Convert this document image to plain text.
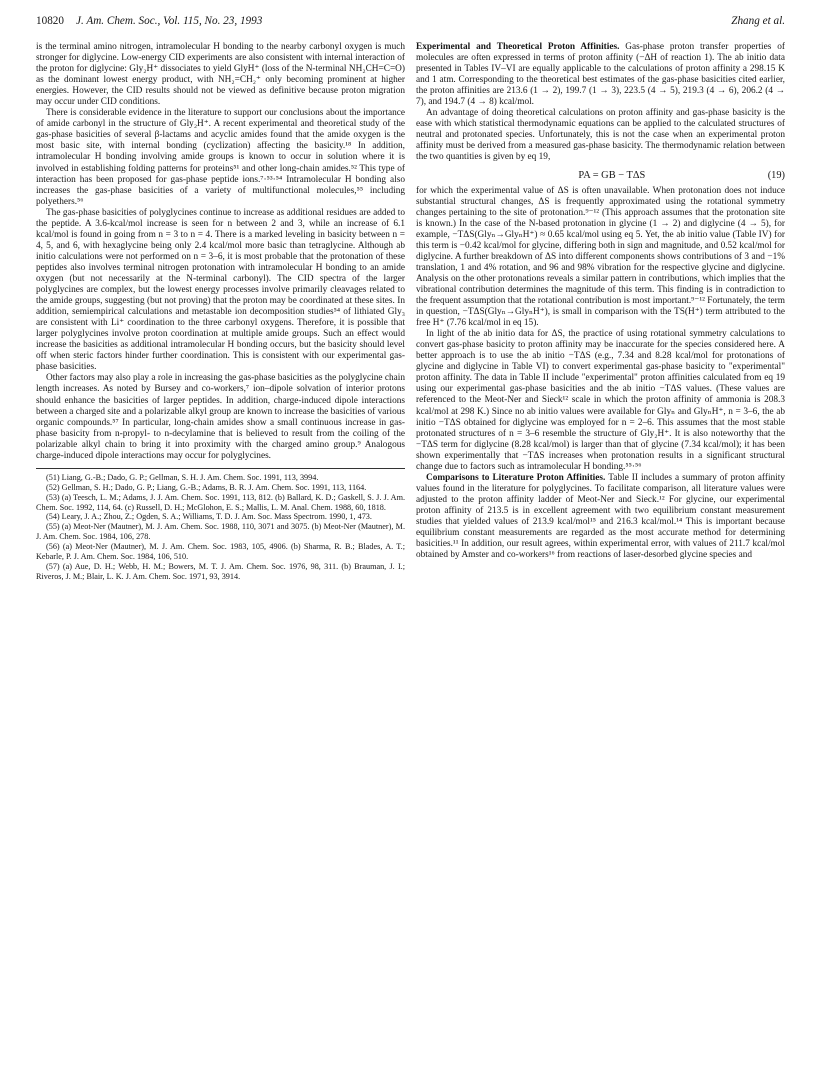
10820 J. Am. Chem. Soc., Vol. 115, No. 23, 1993	Zhang et al.

is the terminal amino nitrogen, intramolecular H bonding to the nearby carbonyl oxygen is much stronger for diglycine. Low-energy CID experiments are also consistent with internal interaction of the proton for diglycine: Gly₂H⁺ dissociates to yield GlyH⁺ (loss of the N-terminal NH₂CH=C=O) as the dominant lowest energy product, with NH₂=CH₂⁺ only becoming prominent at higher energies. However, the CID results should not be viewed as definitive because proton migration may occur under CID conditions.

There is considerable evidence in the literature to support our conclusions about the importance of amide carbonyl in the structure of Gly₂H⁺. A recent experimental and theoretical study of the gas-phase basicities of several β-lactams and acyclic amides found that the amide oxygen is the most basic site, with internal bonding (cyclization) affecting the basicity.¹⁸ In addition, intramolecular H bonding involving amide groups is known to occur in solution where it is involved in establishing folding patterns for proteins⁵¹ and other long-chain amides.⁵² This type of interaction has been proposed for gas-phase peptide ions.⁷·⁵³·⁵⁴ Intramolecular H bonding also increases the gas-phase basicities of a variety of multifunctional molecules,⁵⁵ including polyethers.⁵⁶

The gas-phase basicities of polyglycines continue to increase as additional residues are added to the peptide. A 3.6-kcal/mol increase is seen for n between 2 and 3, while an increase of 6.1 kcal/mol is found in going from n = 3 to n = 4. There is a marked leveling in basicity between n = 4, 5, and 6, with hexaglycine being only 2.4 kcal/mol more basic than tetraglycine. Although ab initio calculations were not performed on n = 3–6, it is most probable that the protonation of these peptides also involves terminal nitrogen protonation with intramolecular H bonding to an amide oxygen (but not necessarily at the N-terminal carbonyl). The CID spectra of the larger polyglycines are complex, but the lowest energy processes involve primarily cleavages related to the amide groups, suggesting (but not proving) that the proton may be coordinated at these sites. In addition, semiempirical calculations and metastable ion decomposition studies⁵⁴ of lithiated Gly₃ are consistent with Li⁺ coordination to the three carbonyl oxygens. Therefore, it is possible that larger polyglycines involve proton coordination at multiple amide groups. Such an effect would increase the basicities as additional intramolecular H bonding occurs, but the basicity should level off when steric factors hinder further coordination. This is consistent with our experimental gas-phase basicities.

Other factors may also play a role in increasing the gas-phase basicities as the polyglycine chain length increases. As noted by Bursey and co-workers,⁷ ion–dipole solvation of interior protons should enhance the basicities of larger peptides. In addition, charge-induced dipole interactions between a charged site and a polarizable alkyl group are known to increase the basicities of various organic compounds.⁵⁷ In particular, long-chain amides show a small continuous increase in gas-phase basicity from n-propyl- to n-decylamine that is believed to result from the coiling of the polarizable alkyl chain to bring it into proximity with the charged amino group.⁹ Analogous charge-induced dipole interactions may occur for polyglycines.

(51) Liang, G.-B.; Dado, G. P.; Gellman, S. H. J. Am. Chem. Soc. 1991, 113, 3994.

(52) Gellman, S. H.; Dado, G. P.; Liang, G.-B.; Adams, B. R. J. Am. Chem. Soc. 1991, 113, 1164.

(53) (a) Teesch, L. M.; Adams, J. J. Am. Chem. Soc. 1991, 113, 812. (b) Ballard, K. D.; Gaskell, S. J. J. Am. Chem. Soc. 1992, 114, 64. (c) Russell, D. H.; McGlohon, E. S.; Mallis, L. M. Anal. Chem. 1988, 60, 1818.

(54) Leary, J. A.; Zhou, Z.; Ogden, S. A.; Williams, T. D. J. Am. Soc. Mass Spectrom. 1990, 1, 473.

(55) (a) Meot-Ner (Mautner), M. J. Am. Chem. Soc. 1988, 110, 3071 and 3075. (b) Meot-Ner (Mautner), M. J. Am. Chem. Soc. 1984, 106, 278.

(56) (a) Meot-Ner (Mautner), M. J. Am. Chem. Soc. 1983, 105, 4906. (b) Sharma, R. B.; Blades, A. T.; Kebarle, P. J. Am. Chem. Soc. 1984, 106, 510.

(57) (a) Aue, D. H.; Webb, H. M.; Bowers, M. T. J. Am. Chem. Soc. 1976, 98, 311. (b) Brauman, J. I.; Riveros, J. M.; Blair, L. K. J. Am. Chem. Soc. 1971, 93, 3914.

Experimental and Theoretical Proton Affinities. Gas-phase proton transfer properties of molecules are often expressed in terms of proton affinity (−ΔH of reaction 1). The ab initio data presented in Tables IV–VI are equally applicable to the calculations of proton affinity a 298.15 K and 1 atm. Corresponding to the theoretical best estimates of the gas-phase basicities cited earlier, the proton affinities are 213.6 (1 → 2), 199.7 (1 → 3), 223.5 (4 → 5), 219.3 (4 → 6), 206.2 (4 → 7), and 194.7 (4 → 8) kcal/mol.

An advantage of doing theoretical calculations on proton affinity and gas-phase basicity is the ease with which statistical thermodynamic equations can be applied to the calculated structures of neutral and protonated species. Unfortunately, this is not the case when an experimental proton affinity must be derived from a measured gas-phase basicity. The thermodynamic relation between the two quantities is given by eq 19,

PA = GB − TΔS	(19)

for which the experimental value of ΔS is often unavailable. When protonation does not induce substantial structural changes, ΔS is frequently approximated using the rotational symmetry changes pertaining to the site of protonation.⁹⁻¹² (This approach assumes that the protonation site is known.) In the case of the N-based protonation in glycine (1 → 2) and diglycine (4 → 5), for example, −TΔS(Glyₙ→GlyₙH⁺) ≈ 0.65 kcal/mol using eq 5. Yet, the ab initio value (Table IV) for this term is −0.42 kcal/mol for glycine, differing both in sign and magnitude, and 0.52 kcal/mol for diglycine. A further breakdown of ΔS into different components shows contributions of 3 and −1% translation, 1 and 4% rotation, and 96 and 98% vibration for the respective glycine and diglycine. Analysis on the other protonations reveals a similar pattern in contributions, which implies that the vibrational contribution determines the magnitude of this term. This finding is in contradiction to the frequent assumption that the rotational contribution is most important.⁹⁻¹² Fortunately, the term in question, −TΔS(Glyₙ→GlyₙH⁺), is small in comparison with the TS(H⁺) term attributed to the free H⁺ (7.76 kcal/mol in eq 15).

In light of the ab initio data for ΔS, the practice of using rotational symmetry calculations to convert gas-phase basicity to proton affinity may be inaccurate for the species considered here. A better approach is to use the ab initio −TΔS (e.g., 7.34 and 8.28 kcal/mol for protonations of glycine and diglycine in Table VI) to convert experimental gas-phase basicity to "experimental" proton affinity. The data in Table II include "experimental" proton affinities calculated from eq 19 using our experimental gas-phase basicities and the ab initio −TΔS values. (These values are referenced to the Meot-Ner and Sieck¹² scale in which the proton affinity of ammonia is 208.3 kcal/mol at 298 K.) Since no ab initio values were available for Glyₙ and GlyₙH⁺, n = 3–6, the ab initio −TΔS obtained for diglycine was employed for n = 2–6. This assumes that the most stable protonated structures of n = 3–6 resemble the structure of Gly₂H⁺. It is also noteworthy that the −TΔS term for diglycine (8.28 kcal/mol) is larger than that of glycine (7.34 kcal/mol); it has been shown experimentally that −TΔS increases when protonation results in a significant structural change due to factors such as intramolecular H bonding.⁵⁵·⁵⁶

Comparisons to Literature Proton Affinities. Table II includes a summary of proton affinity values found in the literature for polyglycines. To facilitate comparison, all literature values were adjusted to the proton affinity ladder of Meot-Ner and Sieck.¹² For glycine, our experimental proton affinity of 213.5 is in excellent agreement with two equilibrium constant measurement studies that yielded values of 213.9 kcal/mol¹⁵ and 216.3 kcal/mol.¹⁴ This is important because equilibrium constant measurements are regarded as the most accurate method for determining basicities.¹¹ In addition, our result agrees, within experimental error, with values of 211.7 kcal/mol obtained by Amster and co-workers¹⁶ from reactions of laser-desorbed glycine species and
